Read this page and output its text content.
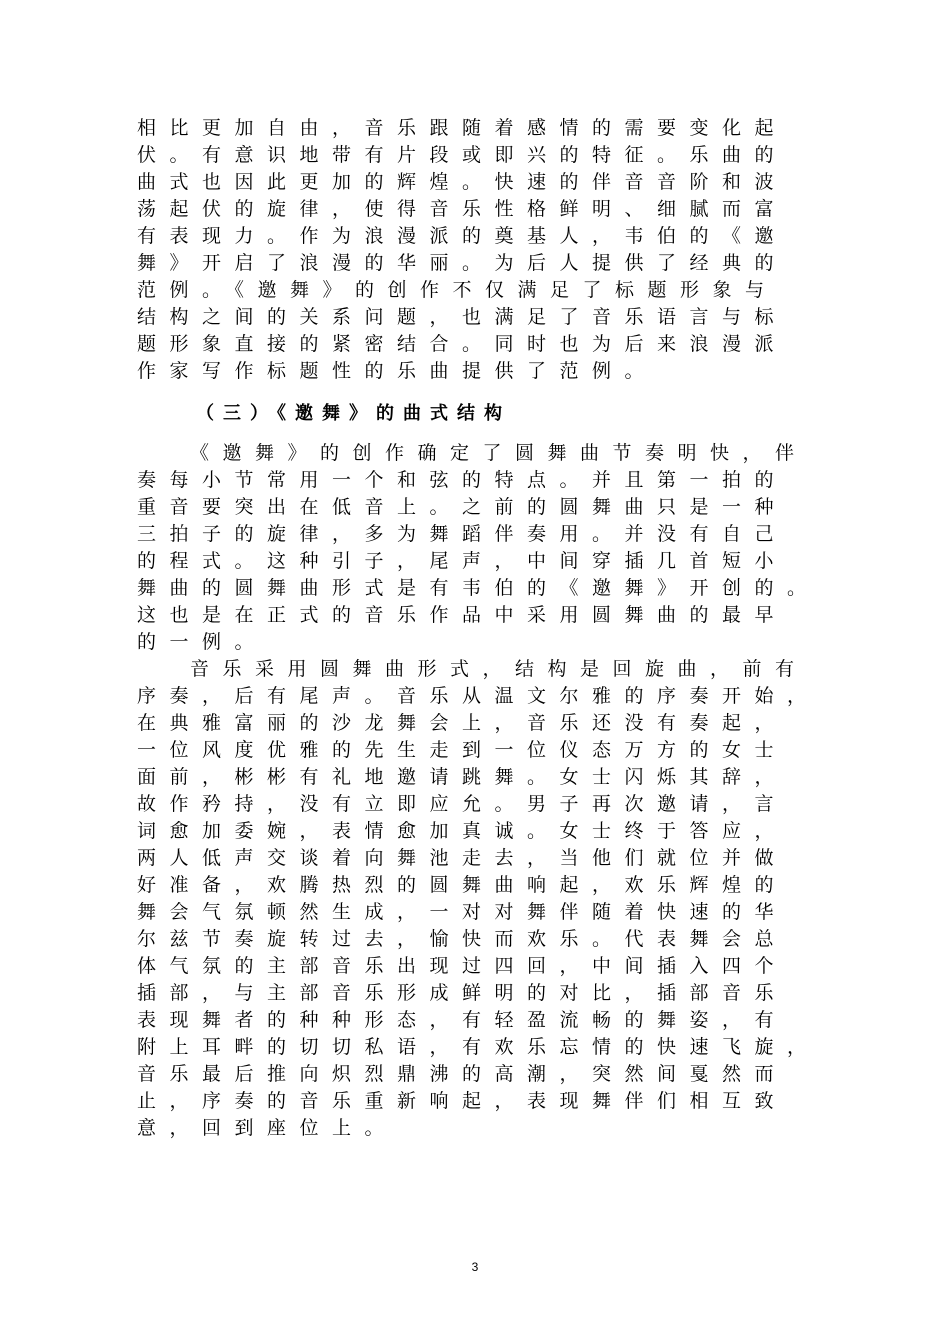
相比更加自由，音乐跟随着感情的需要变化起
伏。有意识地带有片段或即兴的特征。乐曲的
曲式也因此更加的辉煌。快速的伴音音阶和波
荡起伏的旋律，使得音乐性格鲜明、细腻而富
有表现力。作为浪漫派的奠基人，韦伯的《邀
舞》开启了浪漫的华丽。为后人提供了经典的
范例。《邀舞》的创作不仅满足了标题形象与
结构之间的关系问题，也满足了音乐语言与标
题形象直接的紧密结合。同时也为后来浪漫派
作家写作标题性的乐曲提供了范例。
（三）《邀舞》的曲式结构
《邀舞》的创作确定了圆舞曲节奏明快，伴
奏每小节常用一个和弦的特点。并且第一拍的
重音要突出在低音上。之前的圆舞曲只是一种
三拍子的旋律，多为舞蹈伴奏用。并没有自己
的程式。这种引子，尾声，中间穿插几首短小
舞曲的圆舞曲形式是有韦伯的《邀舞》开创的。
这也是在正式的音乐作品中采用圆舞曲的最早
的一例。
音乐采用圆舞曲形式，结构是回旋曲，前有
序奏，后有尾声。音乐从温文尔雅的序奏开始，
在典雅富丽的沙龙舞会上，音乐还没有奏起，
一位风度优雅的先生走到一位仪态万方的女士
面前，彬彬有礼地邀请跳舞。女士闪烁其辞，
故作矜持，没有立即应允。男子再次邀请，言
词愈加委婉，表情愈加真诚。女士终于答应，
两人低声交谈着向舞池走去，当他们就位并做
好准备，欢腾热烈的圆舞曲响起，欢乐辉煌的
舞会气氛顿然生成，一对对舞伴随着快速的华
尔兹节奏旋转过去，愉快而欢乐。代表舞会总
体气氛的主部音乐出现过四回，中间插入四个
插部，与主部音乐形成鲜明的对比，插部音乐
表现舞者的种种形态，有轻盈流畅的舞姿，有
附上耳畔的切切私语，有欢乐忘情的快速飞旋，
音乐最后推向炽烈鼎沸的高潮，突然间戛然而
止，序奏的音乐重新响起，表现舞伴们相互致
意，回到座位上。
3
